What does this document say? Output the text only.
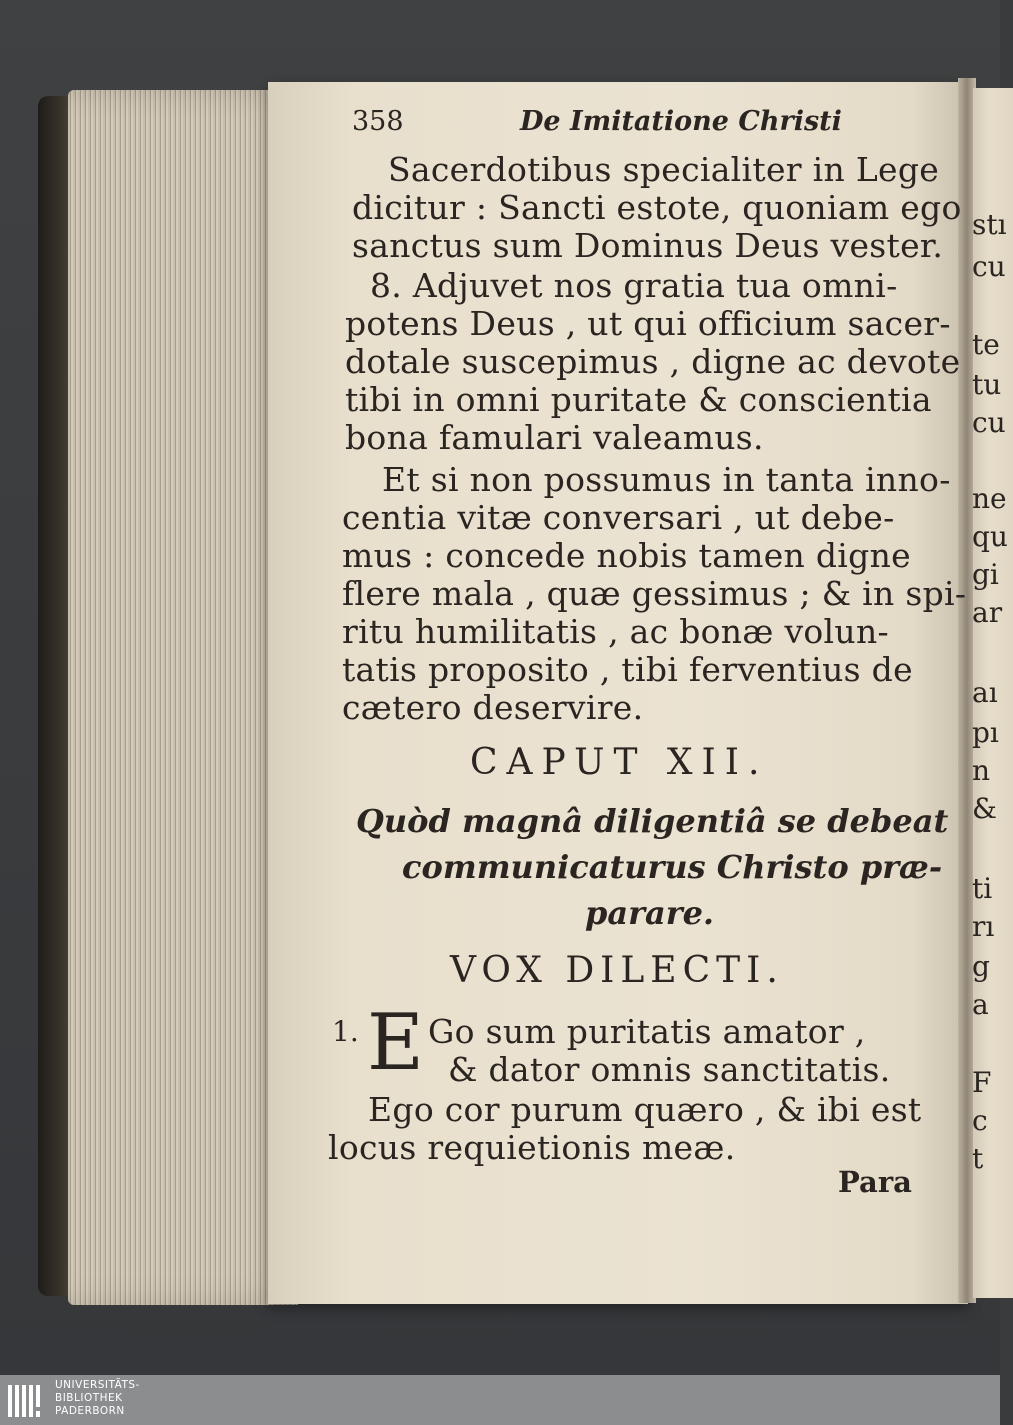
358	De Imitatione Christi
Sacerdotibus specialiter in Lege
dicitur : Sancti estote, quoniam ego
sanctus sum Dominus Deus vester.
8. Adjuvet nos gratia tua omni-
potens Deus , ut qui officium sacer-
dotale suscepimus , digne ac devote
tibi in omni puritate & conscientia
bona famulari valeamus.
Et si non possumus in tanta inno-
centia vitæ conversari , ut debe-
mus : concede nobis tamen digne
flere mala , quæ gessimus ; & in spi-
ritu humilitatis , ac bonæ volun-
tatis proposito , tibi ferventius de
cætero deservire.
CAPUT XII.
Quòd magnâ diligentiâ se debeat
communicaturus Christo præ-
parare.
VOX DILECTI.
1. E Go sum puritatis amator ,
& dator omnis sanctitatis.
Ego cor purum quæro , & ibi est
locus requietionis meæ.
Para
stı
cu
te
tu
cu
ne
qu
gi
ar
aı
pı
n
&
ti
rı
g
a
F
c
t
UNIVERSITÄTS-
BIBLIOTHEK
PADERBORN
